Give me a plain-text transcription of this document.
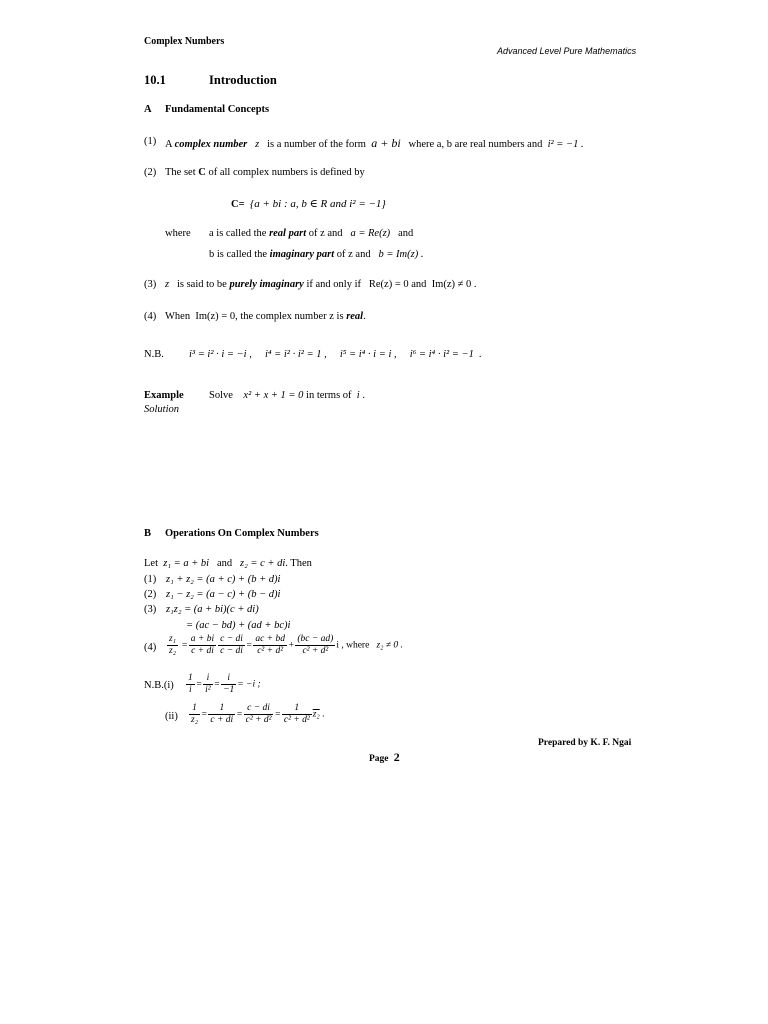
Complex Numbers
Advanced Level Pure Mathematics
10.1	Introduction
A Fundamental Concepts
(1) A complex number z   is a number of the form  a + bi   where a, b are real numbers and  i² = −1 .
(2) The set C of all complex numbers is defined by
C= {a + bi : a, b ∈ R and i² = −1}
where a is called the real part of z and   a = Re(z)   and
b is called the imaginary part of z and   b = Im(z) .
(3) z   is said to be purely imaginary if and only if   Re(z) = 0 and  Im(z) ≠ 0 .
(4) When  Im(z) = 0, the complex number z is real.
N.B. i³ = i² · i = −i ,     i⁴ = i² · i² = 1 ,     i⁵ = i⁴ · i = i ,     i⁶ = i⁴ · i² = −1  .
Example Solve x² + x + 1 = 0 in terms of  i .
Solution
B Operations On Complex Numbers
Let  z₁ = a + bi   and   z₂ = c + di. Then
(1) z₁ + z₂ = (a + c) + (b + d)i
(2) z₁ − z₂ = (a − c) + (b − d)i
(3) z₁z₂ = (a + bi)(c + di)
= (ac − bd) + (ad + bc)i
$(4) \frac{\text{z₁}}{\text{z₂}} = \frac{a + bi}{c + di} \frac{c - di}{c - di} = \frac{ac + bd}{\text{c² + d²}} + \frac{(bc - ad)}{\text{c² + d²}}$ i , where   z₂ ≠ 0 .
$N.B.(i) \frac{1}{i} = \frac{i}{\text{i²}} = \frac{i}{-1} = -i$ ;
$(ii) \frac{1}{\text{z₂}} = \frac{1}{c + di} = \frac{c - di}{\text{c² + d²}} = \frac{1}{\text{c² + d²}} z_2$ .
Prepared by K. F. Ngai
Page 2
